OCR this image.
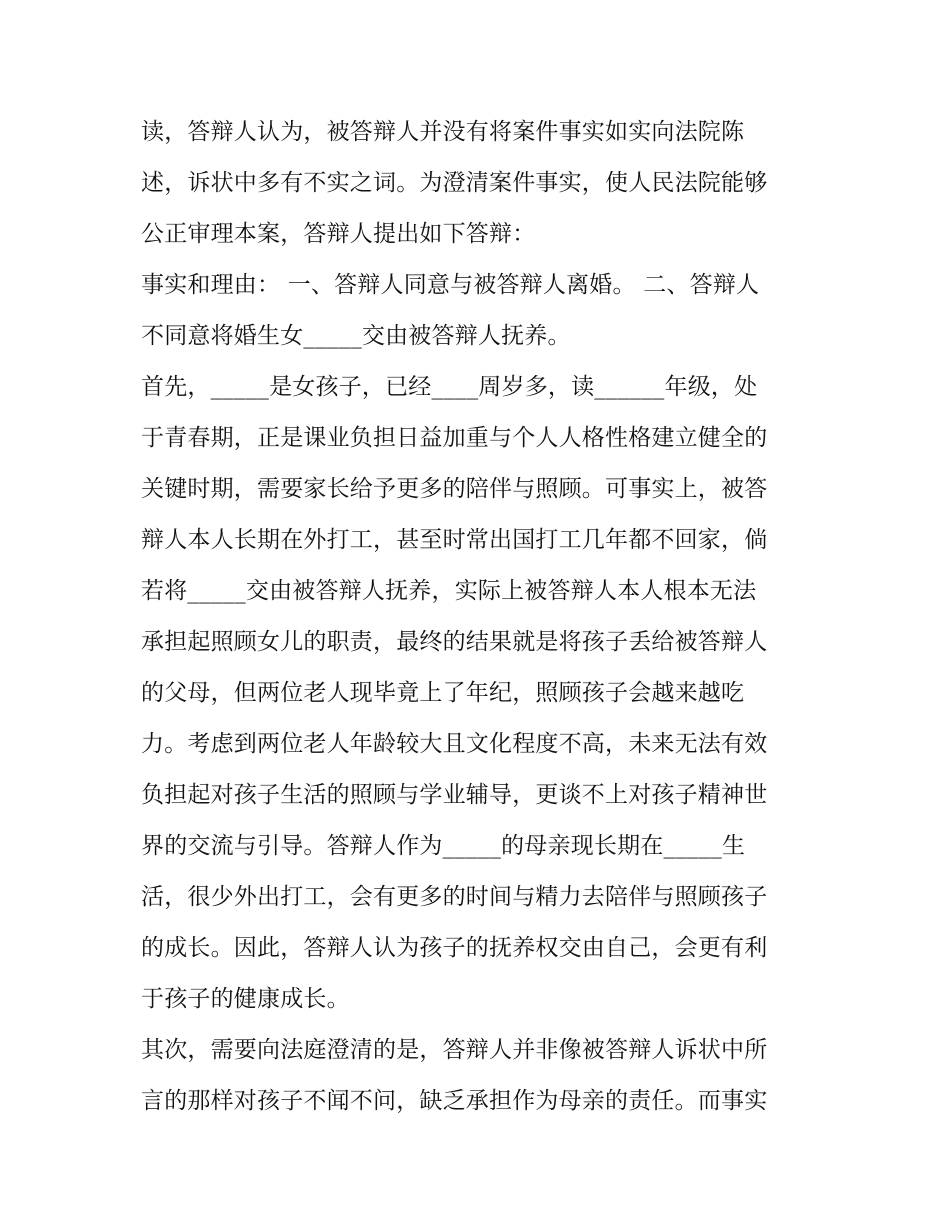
读，答辩人认为，被答辩人并没有将案件事实如实向法院陈
述，诉状中多有不实之词。为澄清案件事实，使人民法院能够
公正审理本案，答辩人提出如下答辩：
事实和理由： 一、答辩人同意与被答辩人离婚。 二、答辩人
不同意将婚生女_____交由被答辩人抚养。
首先，_____是女孩子，已经____周岁多，读______年级，处
于青春期，正是课业负担日益加重与个人人格性格建立健全的
关键时期，需要家长给予更多的陪伴与照顾。可事实上，被答
辩人本人长期在外打工，甚至时常出国打工几年都不回家，倘
若将_____交由被答辩人抚养，实际上被答辩人本人根本无法
承担起照顾女儿的职责，最终的结果就是将孩子丢给被答辩人
的父母，但两位老人现毕竟上了年纪，照顾孩子会越来越吃
力。考虑到两位老人年龄较大且文化程度不高，未来无法有效
负担起对孩子生活的照顾与学业辅导，更谈不上对孩子精神世
界的交流与引导。答辩人作为_____的母亲现长期在_____生
活，很少外出打工，会有更多的时间与精力去陪伴与照顾孩子
的成长。因此，答辩人认为孩子的抚养权交由自己，会更有利
于孩子的健康成长。
其次，需要向法庭澄清的是，答辩人并非像被答辩人诉状中所
言的那样对孩子不闻不问，缺乏承担作为母亲的责任。而事实
